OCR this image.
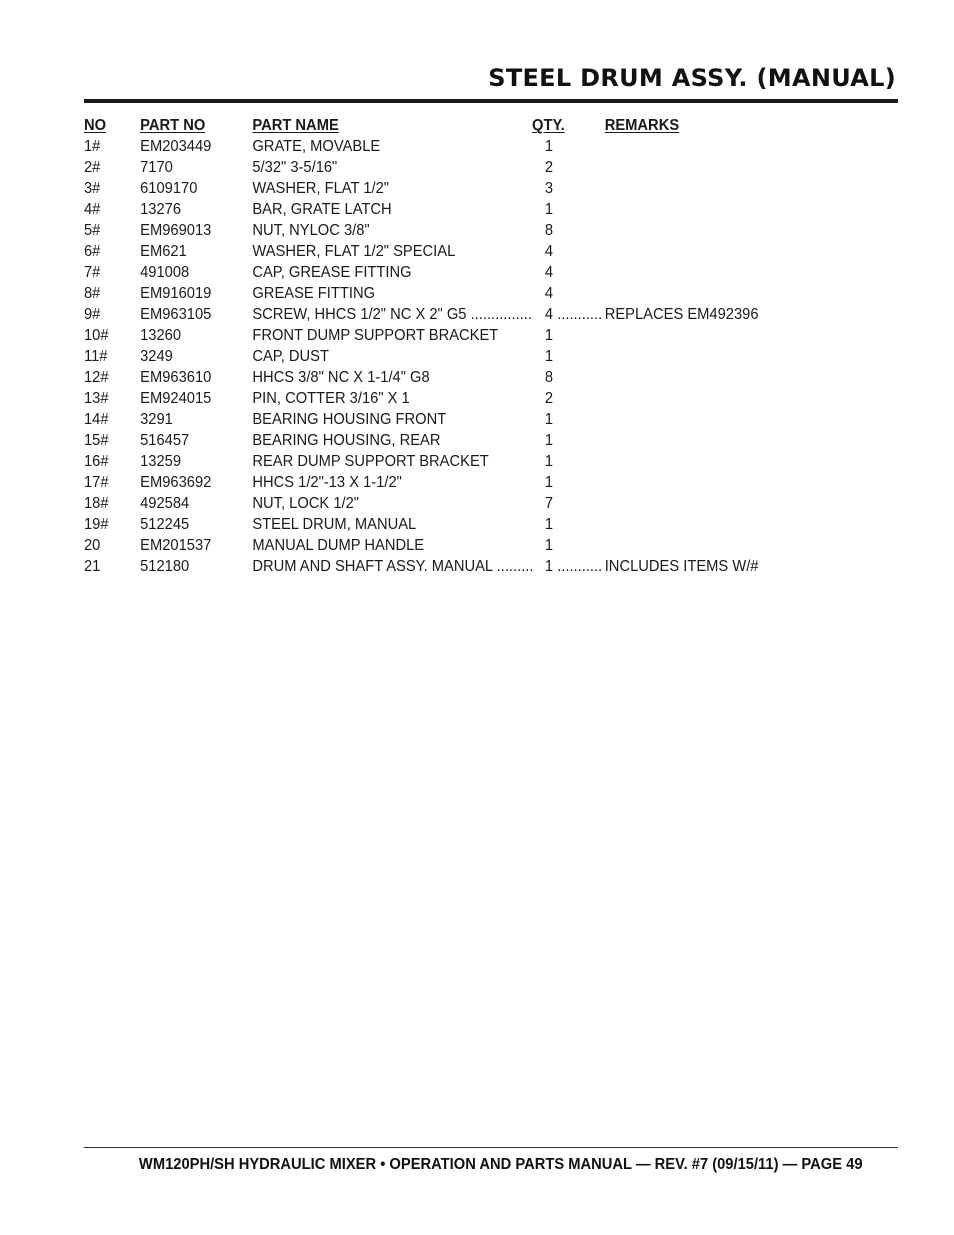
STEEL DRUM ASSY. (MANUAL)
NO PART NO	PART NAME	QTY. REMARKS
1# EM203449	GRATE, MOVABLE	1
2# 7170	5/32" 3-5/16"	2
3# 6109170	WASHER, FLAT 1/2"	3
4# 13276	BAR, GRATE LATCH	1
5# EM969013	NUT, NYLOC 3/8"	8
6# EM621	WASHER, FLAT 1/2" SPECIAL	4
7# 491008	CAP, GREASE FITTING	4
8# EM916019	GREASE FITTING	4
9# EM963105	SCREW, HHCS 1/2" NC X 2" G5 ............... 4 ........... REPLACES EM492396
10# 13260	FRONT DUMP SUPPORT BRACKET	1
11# 3249	CAP, DUST	1
12# EM963610	HHCS 3/8" NC X 1-1/4" G8	8
13# EM924015	PIN, COTTER 3/16" X 1	2
14# 3291	BEARING HOUSING FRONT	1
15# 516457	BEARING HOUSING, REAR	1
16# 13259	REAR DUMP SUPPORT BRACKET	1
17# EM963692	HHCS 1/2"-13 X 1-1/2"	1
18# 492584	NUT, LOCK 1/2"	7
19# 512245	STEEL DRUM, MANUAL	1
20 EM201537	MANUAL DUMP HANDLE	1
21 512180	DRUM AND SHAFT ASSY. MANUAL ......... 1 ........... INCLUDES ITEMS W/#
WM120PH/SH HYDRAULIC MIXER • OPERATION AND PARTS MANUAL — REV. #7 (09/15/11) — PAGE 49
